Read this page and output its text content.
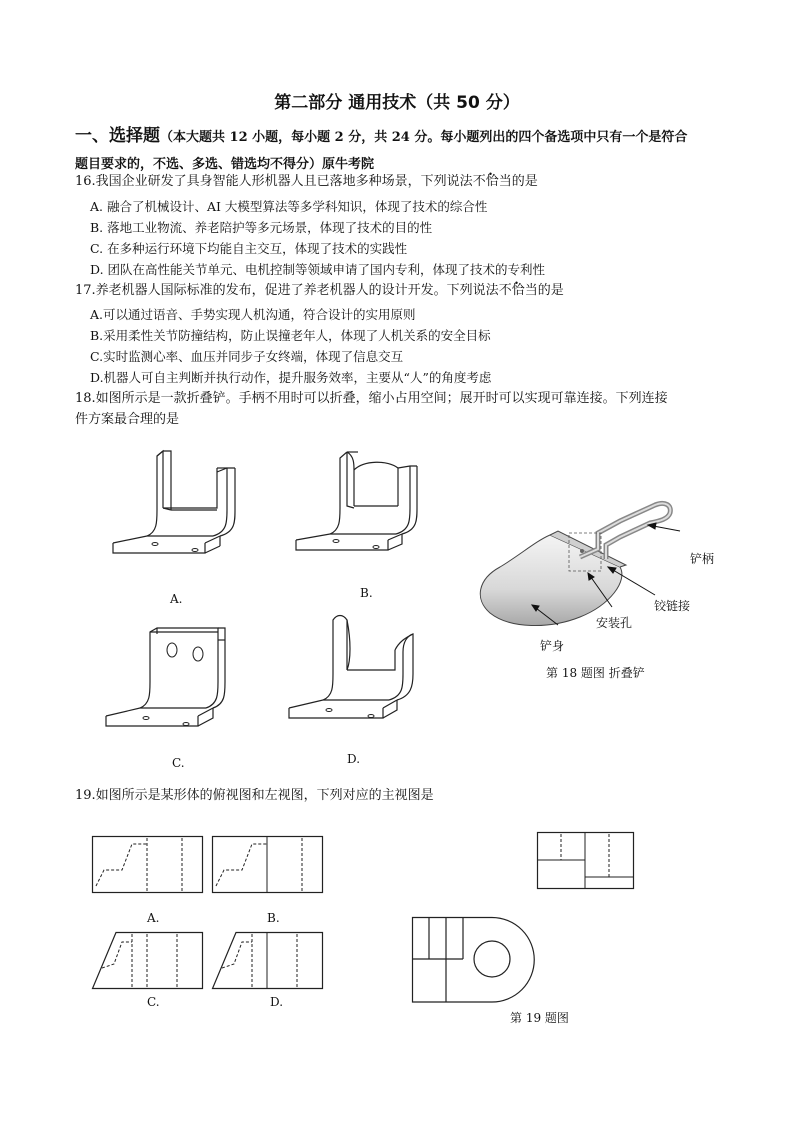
第二部分 通用技术（共 50 分）
一、选择题（本大题共 12 小题，每小题 2 分，共 24 分。每小题列出的四个备选项中只有一个是符合
题目要求的，不选、多选、错选均不得分）原牛考院
16.我国企业研发了具身智能人形机器人且已落地多种场景，下列说法不恰当的是
A. 融合了机械设计、AI 大模型算法等多学科知识，体现了技术的综合性
B. 落地工业物流、养老陪护等多元场景，体现了技术的目的性
C. 在多种运行环境下均能自主交互，体现了技术的实践性
D. 团队在高性能关节单元、电机控制等领域申请了国内专利，体现了技术的专利性
17.养老机器人国际标准的发布，促进了养老机器人的设计开发。下列说法不恰当的是
A.可以通过语音、手势实现人机沟通，符合设计的实用原则
B.采用柔性关节防撞结构，防止误撞老年人，体现了人机关系的安全目标
C.实时监测心率、血压并同步子女终端，体现了信息交互
D.机器人可自主判断并执行动作，提升服务效率，主要从“人”的角度考虑
18.如图所示是一款折叠铲。手柄不用时可以折叠，缩小占用空间；展开时可以实现可靠连接。下列连接
件方案最合理的是
A.	B.
C.	D.
铲柄
铰链接
安装孔
铲身
第 18 题图 折叠铲
19.如图所示是某形体的俯视图和左视图，下列对应的主视图是
A.	B.
C.	D.
第 19 题图
